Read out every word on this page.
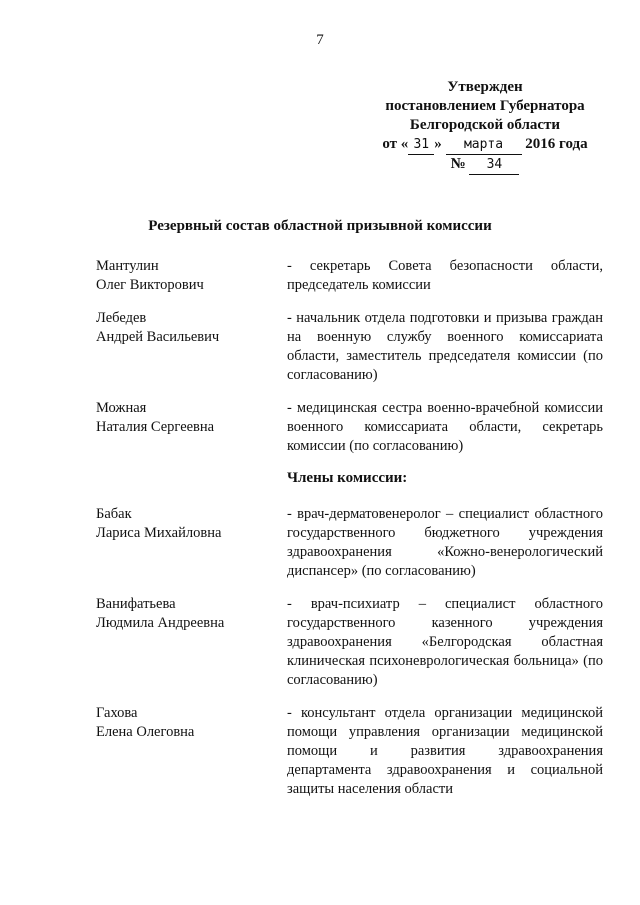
7
Утвержден
постановлением Губернатора
Белгородской области
от « 31 » марта 2016 года
№ 34
Резервный состав областной призывной комиссии
Мантулин
Олег Викторович
- секретарь Совета безопасности области, председатель комиссии
Лебедев
Андрей Васильевич
- начальник отдела подготовки и призыва граждан на военную службу военного комиссариата области, заместитель председателя комиссии (по согласованию)
Можная
Наталия Сергеевна
- медицинская сестра военно-врачебной комиссии военного комиссариата области, секретарь комиссии (по согласованию)
Члены комиссии:
Бабак
Лариса Михайловна
- врач-дерматовенеролог – специалист областного государственного бюджетного учреждения здравоохранения «Кожно-венерологический диспансер» (по согласованию)
Ванифатьева
Людмила Андреевна
- врач-психиатр – специалист областного государственного казенного учреждения здравоохранения «Белгородская областная клиническая психоневрологическая больница» (по согласованию)
Гахова
Елена Олеговна
- консультант отдела организации медицинской помощи управления организации медицинской помощи и развития здравоохранения департамента здравоохранения и социальной защиты населения области
